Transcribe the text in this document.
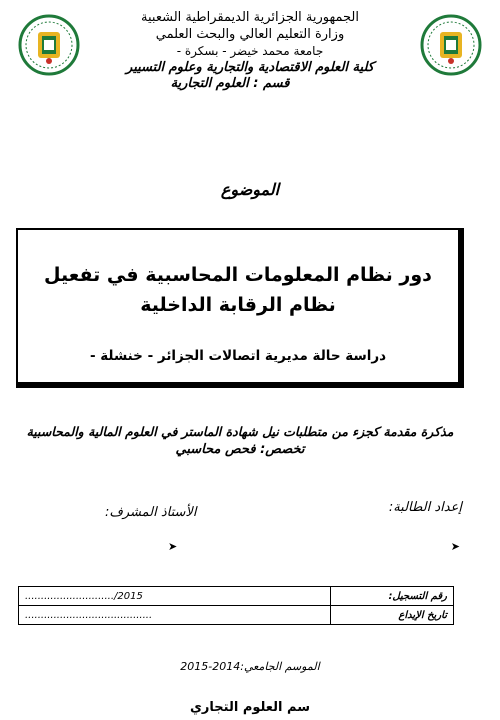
الجمهورية الجزائرية الديمقراطية الشعبية
وزارة التعليم العالي والبحث العلمي
جامعة محمد خيضر - بسكرة -
كلية العلوم الاقتصادية والتجارية وعلوم التسيير
قسم : العلوم التجارية
الموضوع
دور نظام المعلومات المحاسبية في تفعيل نظام الرقابة الداخلية
دراسة حالة مديرية اتصالات الجزائر - خنشلة -
مذكرة مقدمة كجزء من متطلبات نيل شهادة الماستر في العلوم المالية والمحاسبية
تخصص: فحص محاسبي
إعداد الطالبة:
الأستاذ المشرف:
➤
➤
............................/2015	رقم التسجيل:
........................................	تاريخ الإيداع
الموسم الجامعي:2014-2015
سم العلوم التجاري
